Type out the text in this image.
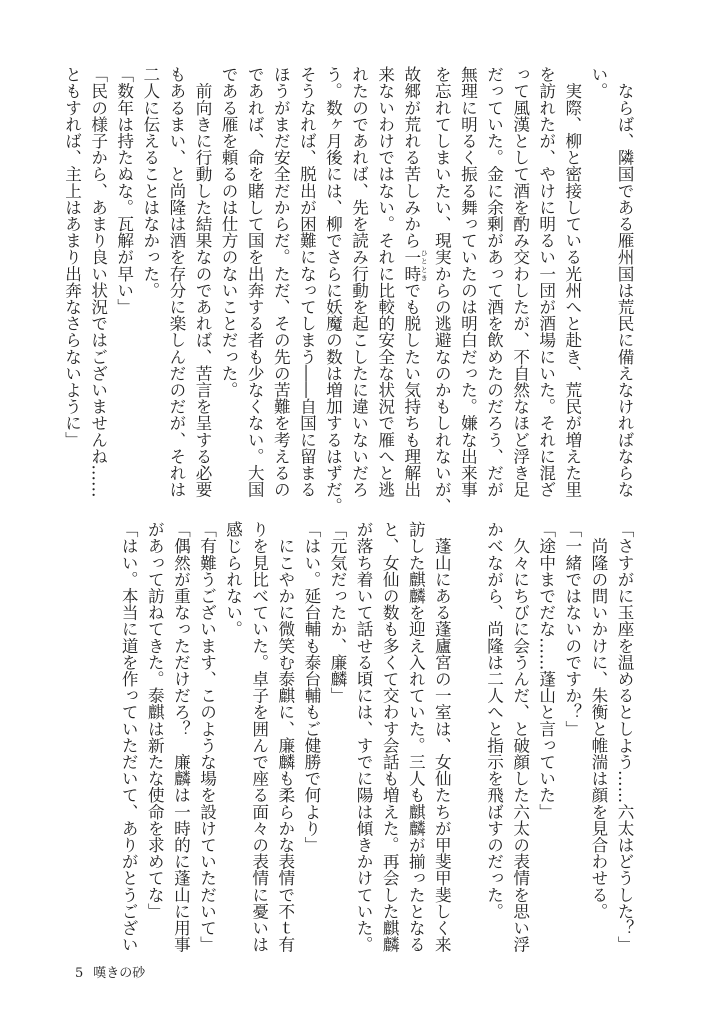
　ならば、隣国である雁州国は荒民に備えなければならな
い。
　実際、柳と密接している光州へと赴き、荒民が増えた里
を訪れたが、やけに明るい一団が酒場にいた。それに混ざ
って風漢として酒を酌み交わしたが、不自然なほど浮き足
だっていた。金に余剰があって酒を飲めたのだろう、だが
無理に明るく振る舞っていたのは明白だった。嫌な出来事
を忘れてしまいたい、現実からの逃避なのかもしれないが、
故郷が荒れる苦しみから一時 ひとときでも脱したい気持ちも理解出
来ないわけではない。それに比較的安全な状況で雁へと逃
れたのであれば、先を読み行動を起こしたに違いないだろ
う。数ヶ月後には、柳でさらに妖魔の数は増加するはずだ。
そうなれば、脱出が困難になってしまう――自国に留まる
ほうがまだ安全だからだ。ただ、その先の苦難を考えるの
であれば、命を賭して国を出奔する者も少なくない。大国
である雁を頼るのは仕方のないことだった。
　前向きに行動した結果なのであれば、苦言を呈する必要
もあるまい、と尚隆は酒を存分に楽しんだのだが、それは
二人に伝えることはなかった。
「数年は持たぬな。瓦解が早い」
「民の様子から、あまり良い状況ではございませんね……
ともすれば、主上はあまり出奔なさらないように」
「さすがに玉座を温めるとしよう……六太はどうした？」
　尚隆の問いかけに、朱衡と帷湍は顔を見合わせる。
「一緒ではないのですか？」
「途中までだな……蓬山と言っていた」
　久々にちびに会うんだ、と破顔した六太の表情を思い浮
かべながら、尚隆は二人へと指示を飛ばすのだった。

　蓬山にある蓬廬宮の一室は、女仙たちが甲斐甲斐しく来
訪した麒麟を迎え入れていた。三人も麒麟が揃ったとなる
と、女仙の数も多くて交わす会話も増えた。再会した麒麟
が落ち着いて話せる頃には、すでに陽は傾きかけていた。
「元気だったか、廉麟」
「はい。延台輔も泰台輔もご健勝で何より」
　にこやかに微笑む泰麒に、廉麟も柔らかな表情で不ｔ有
りを見比べていた。卓子を囲んで座る面々の表情に憂いは
感じられない。
「有難うございます、このような場を設けていただいて」
「偶然が重なっただけだろ？　廉麟は一時的に蓬山に用事
があって訪ねてきた。泰麒は新たな使命を求めてな」
「はい。本当に道を作っていただいて、ありがとうござい
5 嘆きの砂
